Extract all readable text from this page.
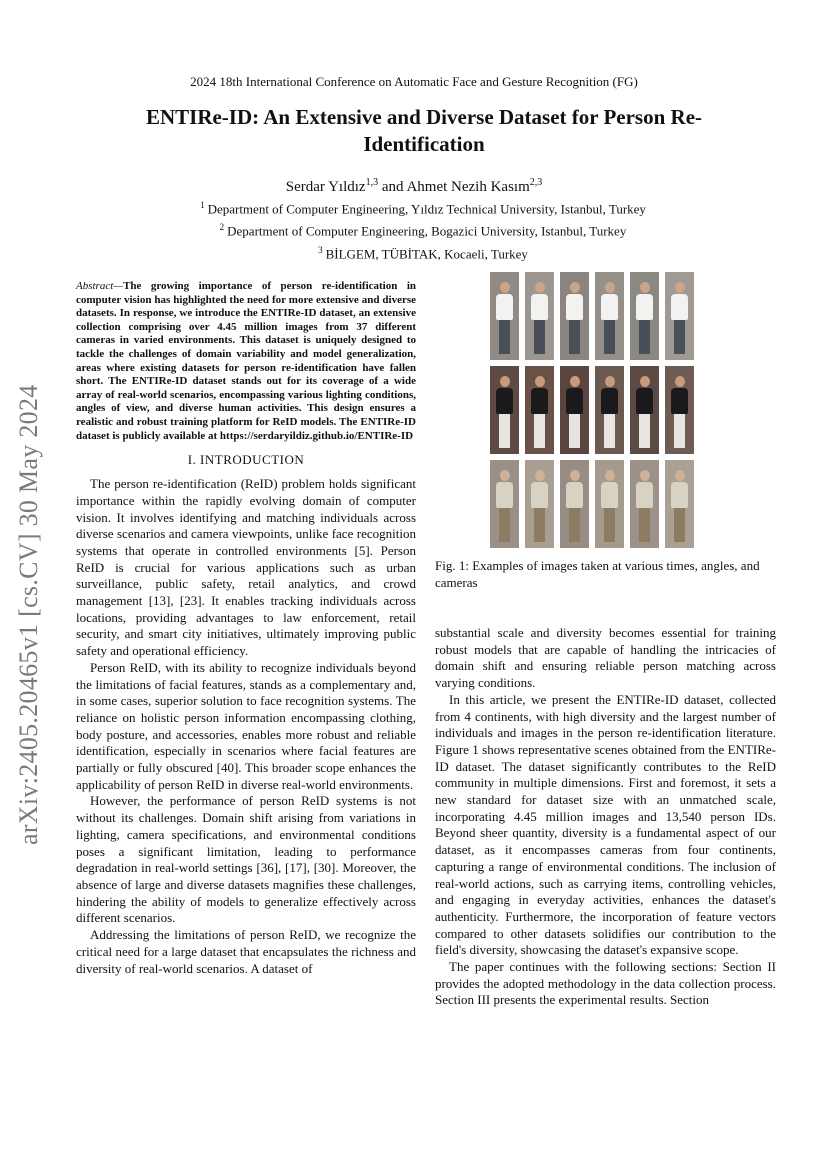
2024 18th International Conference on Automatic Face and Gesture Recognition (FG)
ENTIRe-ID: An Extensive and Diverse Dataset for Person Re-Identification
Serdar Yıldız$^{1,3}$ and Ahmet Nezih Kasım$^{2,3}$
$^1$ Department of Computer Engineering, Yıldız Technical University, Istanbul, Turkey
$^2$ Department of Computer Engineering, Bogazici University, Istanbul, Turkey
$^3$ BİLGEM, TÜBİTAK, Kocaeli, Turkey
arXiv:2405.20465v1 [cs.CV] 30 May 2024
Abstract—The growing importance of person re-identification in computer vision has highlighted the need for more extensive and diverse datasets. In response, we introduce the ENTIRe-ID dataset, an extensive collection comprising over 4.45 million images from 37 different cameras in varied environments. This dataset is uniquely designed to tackle the challenges of domain variability and model generalization, areas where existing datasets for person re-identification have fallen short. The ENTIRe-ID dataset stands out for its coverage of a wide array of real-world scenarios, encompassing various lighting conditions, angles of view, and diverse human activities. This design ensures a realistic and robust training platform for ReID models. The ENTIRe-ID dataset is publicly available at https://serdaryildiz.github.io/ENTIRe-ID
I. INTRODUCTION

The person re-identification (ReID) problem holds significant importance within the rapidly evolving domain of computer vision. It involves identifying and matching individuals across diverse scenarios and camera viewpoints, unlike face recognition systems that operate in controlled environments [5]. Person ReID is crucial for various applications such as urban surveillance, public safety, retail analytics, and crowd management [13], [23]. It enables tracking individuals across locations, providing advantages to law enforcement, retail security, and smart city initiatives, ultimately improving public safety and operational efficiency.

Person ReID, with its ability to recognize individuals beyond the limitations of facial features, stands as a complementary and, in some cases, superior solution to face recognition systems. The reliance on holistic person information encompassing clothing, body posture, and accessories, enables more robust and reliable identification, especially in scenarios where facial features are partially or fully obscured [40]. This broader scope enhances the applicability of person ReID in diverse real-world environments.

However, the performance of person ReID systems is not without its challenges. Domain shift arising from variations in lighting, camera specifications, and environmental conditions poses a significant limitation, leading to performance degradation in real-world settings [36], [17], [30]. Moreover, the absence of large and diverse datasets magnifies these challenges, hindering the ability of models to generalize effectively across different scenarios.

Addressing the limitations of person ReID, we recognize the critical need for a large dataset that encapsulates the richness and diversity of real-world scenarios. A dataset of

Fig. 1: Examples of images taken at various times, angles, and cameras

substantial scale and diversity becomes essential for training robust models that are capable of handling the intricacies of domain shift and ensuring reliable person matching across varying conditions.

In this article, we present the ENTIRe-ID dataset, collected from 4 continents, with high diversity and the largest number of individuals and images in the person re-identification literature. Figure 1 shows representative scenes obtained from the ENTIRe-ID dataset. The dataset significantly contributes to the ReID community in multiple dimensions. First and foremost, it sets a new standard for dataset size with an unmatched scale, incorporating 4.45 million images and 13,540 person IDs. Beyond sheer quantity, diversity is a fundamental aspect of our dataset, as it encompasses cameras from four continents, capturing a range of environmental conditions. The inclusion of real-world actions, such as carrying items, controlling vehicles, and engaging in everyday activities, enhances the dataset's authenticity. Furthermore, the incorporation of feature vectors compared to other datasets solidifies our contribution to the field's diversity, showcasing the dataset's expansive scope.

The paper continues with the following sections: Section II provides the adopted methodology in the data collection process. Section III presents the experimental results. Section
